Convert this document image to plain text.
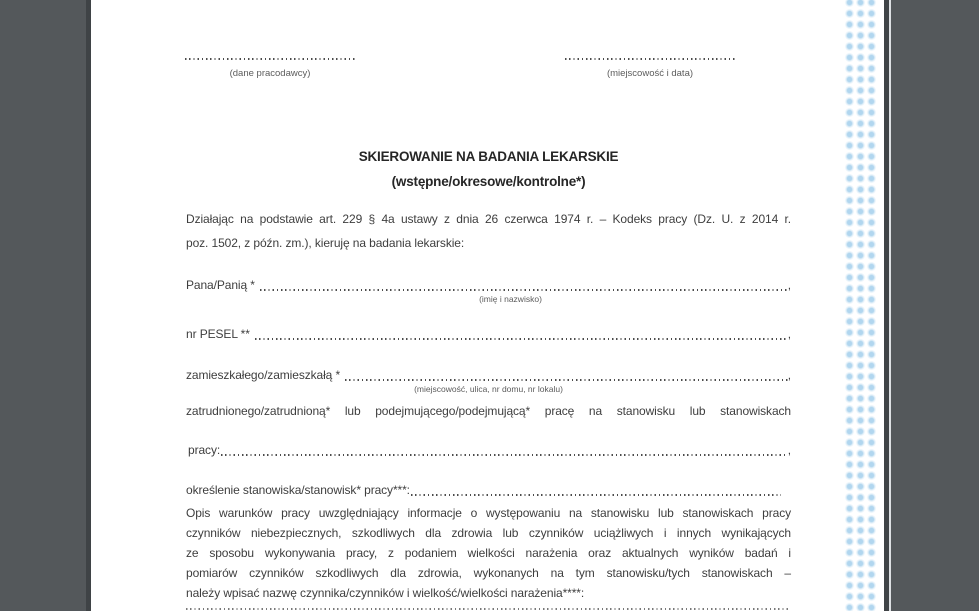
(dane pracodawcy)	(miejscowość i data)
SKIEROWANIE NA BADANIA LEKARSKIE
(wstępne/okresowe/kontrolne*)
Działając na podstawie art. 229 § 4a ustawy z dnia 26 czerwca 1974 r. – Kodeks pracy (Dz. U. z 2014 r.
poz. 1502, z późn. zm.), kieruję na badania lekarskie:
Pana/Panią *	,
(imię i nazwisko)
nr PESEL **	,
zamieszkałego/zamieszkałą *	,
(miejscowość, ulica, nr domu, nr lokalu)
zatrudnionego/zatrudnioną* lub podejmującego/podejmującą* pracę na stanowisku lub stanowiskach
pracy:	,
określenie stanowiska/stanowisk* pracy***:
Opis warunków pracy uwzględniający informacje o występowaniu na stanowisku lub stanowiskach pracy
czynników niebezpiecznych, szkodliwych dla zdrowia lub czynników uciążliwych i innych wynikających
ze sposobu wykonywania pracy, z podaniem wielkości narażenia oraz aktualnych wyników badań i
pomiarów czynników szkodliwych dla zdrowia, wykonanych na tym stanowisku/tych stanowiskach –
należy wpisać nazwę czynnika/czynników i wielkość/wielkości narażenia****:
